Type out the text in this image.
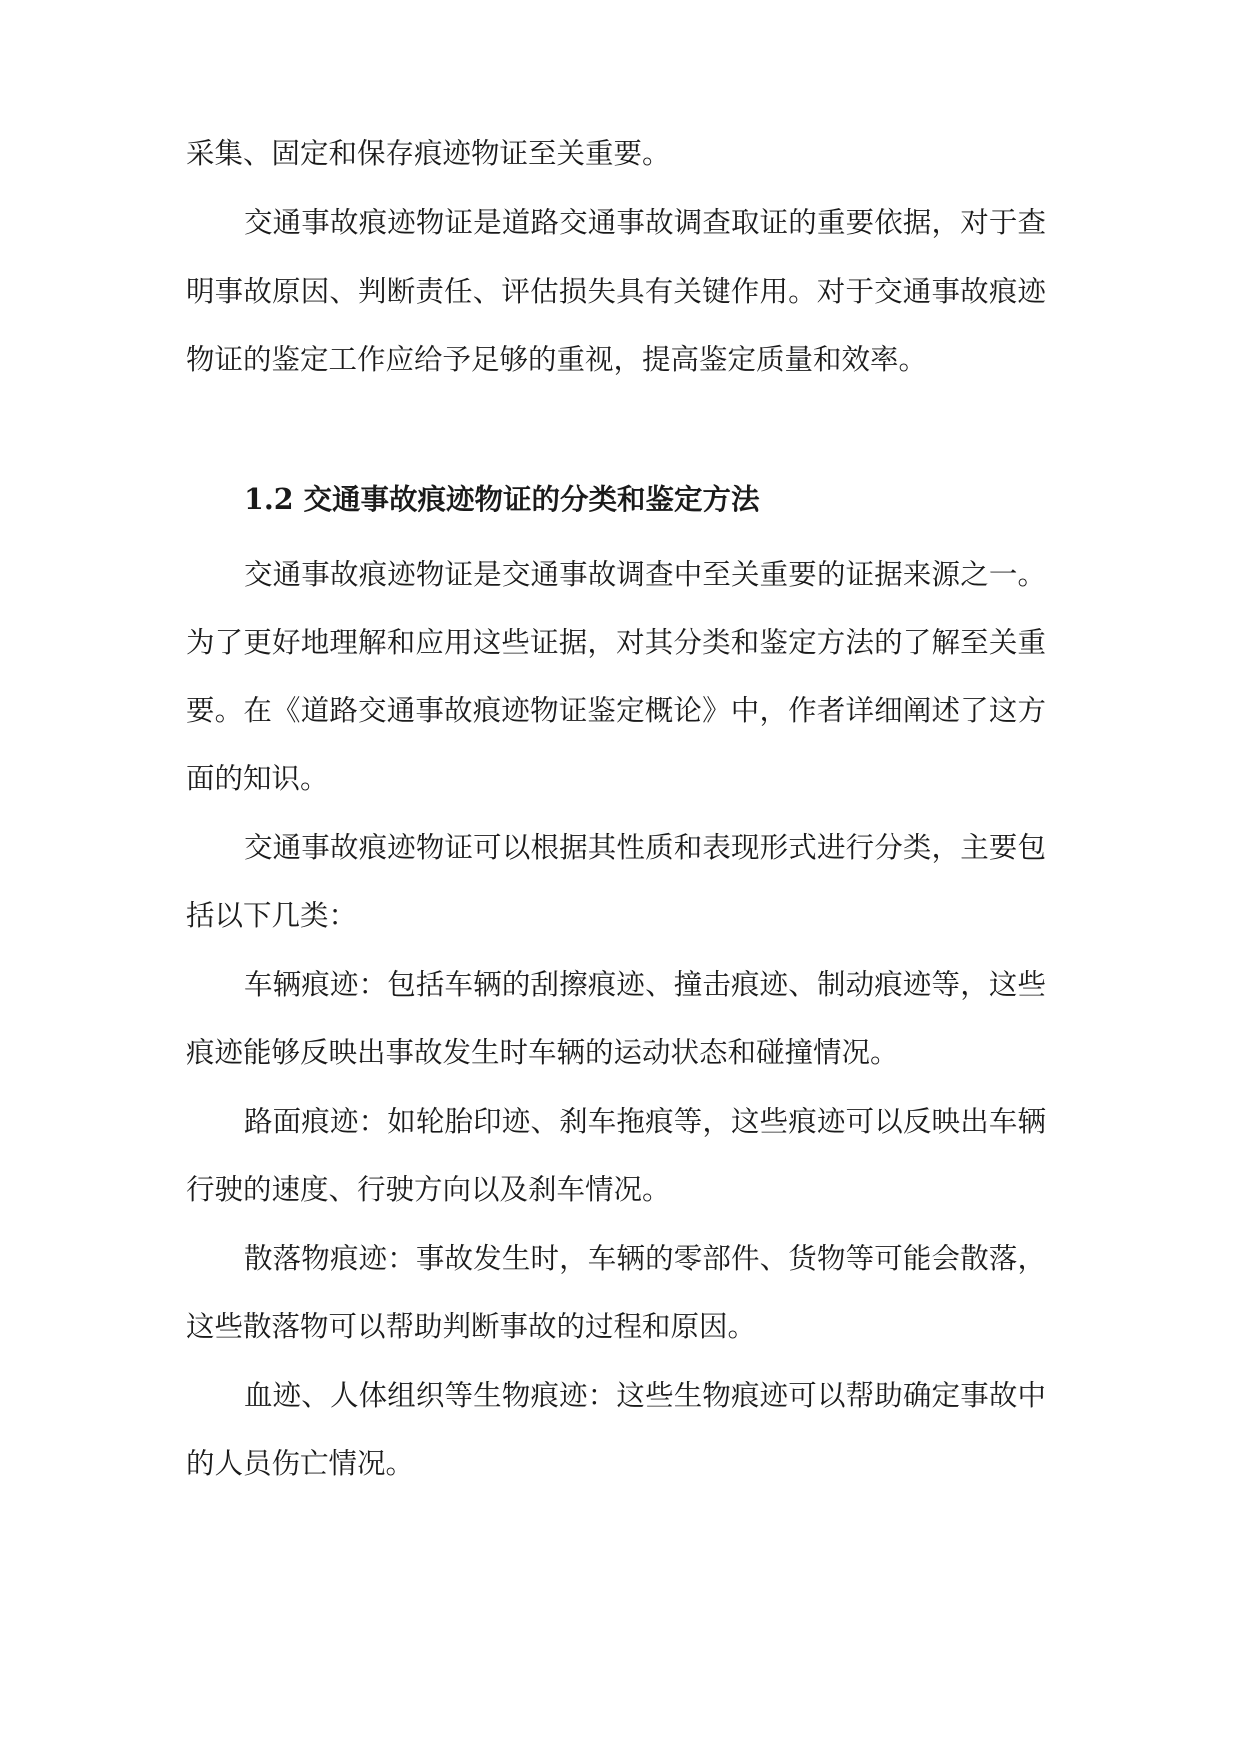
采集、固定和保存痕迹物证至关重要。
交通事故痕迹物证是道路交通事故调查取证的重要依据，对于查
明事故原因、判断责任、评估损失具有关键作用。对于交通事故痕迹
物证的鉴定工作应给予足够的重视，提高鉴定质量和效率。
1.2 交通事故痕迹物证的分类和鉴定方法
交通事故痕迹物证是交通事故调查中至关重要的证据来源之一。
为了更好地理解和应用这些证据，对其分类和鉴定方法的了解至关重
要。在《道路交通事故痕迹物证鉴定概论》中，作者详细阐述了这方
面的知识。
交通事故痕迹物证可以根据其性质和表现形式进行分类，主要包
括以下几类：
车辆痕迹：包括车辆的刮擦痕迹、撞击痕迹、制动痕迹等，这些
痕迹能够反映出事故发生时车辆的运动状态和碰撞情况。
路面痕迹：如轮胎印迹、刹车拖痕等，这些痕迹可以反映出车辆
行驶的速度、行驶方向以及刹车情况。
散落物痕迹：事故发生时，车辆的零部件、货物等可能会散落，
这些散落物可以帮助判断事故的过程和原因。
血迹、人体组织等生物痕迹：这些生物痕迹可以帮助确定事故中
的人员伤亡情况。
